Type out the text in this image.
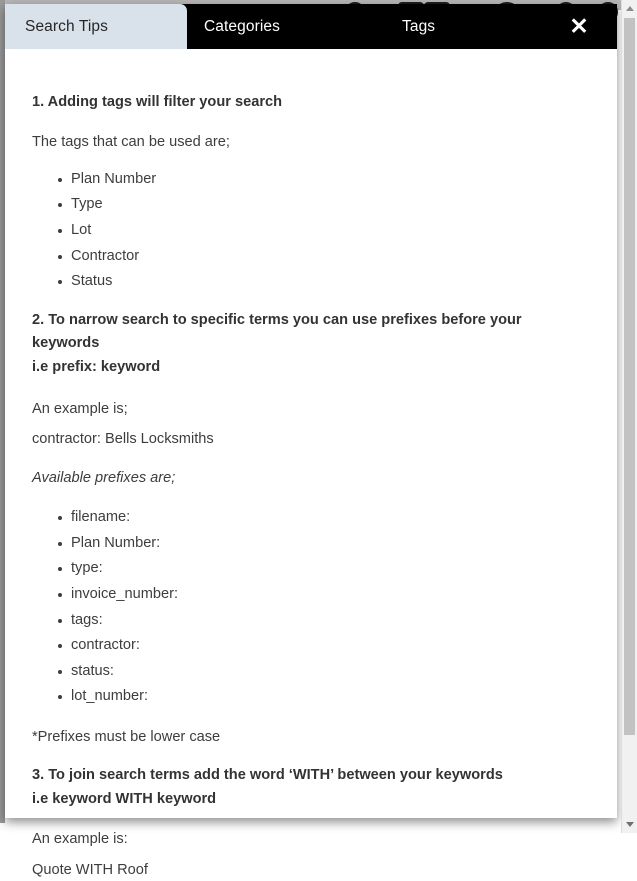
Search Tips	Categories	Tags	✕
1. Adding tags will filter your search

The tags that can be used are;

Plan Number
Type
Lot
Contractor
Status
2. To narrow search to specific terms you can use prefixes before your keywords
i.e prefix: keyword

An example is;

contractor: Bells Locksmiths

Available prefixes are;

filename:
Plan Number:
type:
invoice_number:
tags:
contractor:
status:
lot_number:

*Prefixes must be lower case

3. To join search terms add the word ‘WITH’ between your keywords
i.e keyword WITH keyword

An example is:

Quote WITH Roof
